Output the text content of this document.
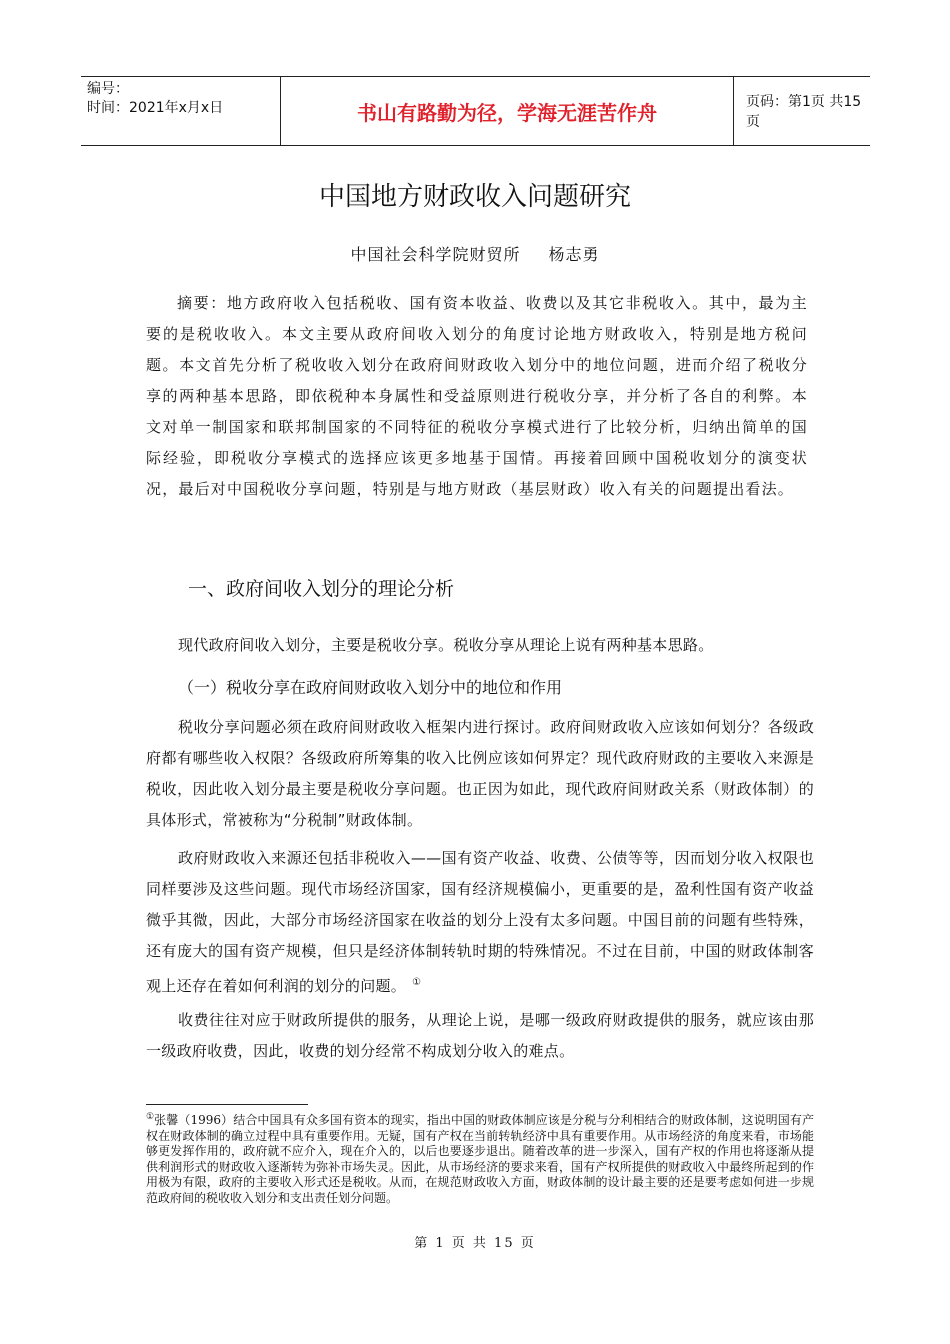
编号：
时间：2021年x月x日	书山有路勤为径，学海无涯苦作舟	页码：第1页 共15页
中国地方财政收入问题研究
中国社会科学院财贸所 杨志勇
摘要：地方政府收入包括税收、国有资本收益、收费以及其它非税收入。其中，最为主要的是税收收入。本文主要从政府间收入划分的角度讨论地方财政收入，特别是地方税问题。本文首先分析了税收收入划分在政府间财政收入划分中的地位问题，进而介绍了税收分享的两种基本思路，即依税种本身属性和受益原则进行税收分享，并分析了各自的利弊。本文对单一制国家和联邦制国家的不同特征的税收分享模式进行了比较分析，归纳出简单的国际经验，即税收分享模式的选择应该更多地基于国情。再接着回顾中国税收划分的演变状况，最后对中国税收分享问题，特别是与地方财政（基层财政）收入有关的问题提出看法。
一、政府间收入划分的理论分析
现代政府间收入划分，主要是税收分享。税收分享从理论上说有两种基本思路。
（一）税收分享在政府间财政收入划分中的地位和作用
税收分享问题必须在政府间财政收入框架内进行探讨。政府间财政收入应该如何划分？各级政府都有哪些收入权限？各级政府所筹集的收入比例应该如何界定？现代政府财政的主要收入来源是税收，因此收入划分最主要是税收分享问题。也正因为如此，现代政府间财政关系（财政体制）的具体形式，常被称为“分税制”财政体制。
政府财政收入来源还包括非税收入——国有资产收益、收费、公债等等，因而划分收入权限也同样要涉及这些问题。现代市场经济国家，国有经济规模偏小，更重要的是，盈利性国有资产收益微乎其微，因此，大部分市场经济国家在收益的划分上没有太多问题。中国目前的问题有些特殊，还有庞大的国有资产规模，但只是经济体制转轨时期的特殊情况。不过在目前，中国的财政体制客观上还存在着如何利润的划分的问题。 ①
收费往往对应于财政所提供的服务，从理论上说，是哪一级政府财政提供的服务，就应该由那一级政府收费，因此，收费的划分经常不构成划分收入的难点。
①张馨（1996）结合中国具有众多国有资本的现实，指出中国的财政体制应该是分税与分利相结合的财政体制，这说明国有产权在财政体制的确立过程中具有重要作用。无疑，国有产权在当前转轨经济中具有重要作用。从市场经济的角度来看，市场能够更发挥作用的，政府就不应介入，现在介入的，以后也要逐步退出。随着改革的进一步深入，国有产权的作用也将逐渐从提供利润形式的财政收入逐渐转为弥补市场失灵。因此，从市场经济的要求来看，国有产权所提供的财政收入中最终所起到的作用极为有限，政府的主要收入形式还是税收。从而，在规范财政收入方面，财政体制的设计最主要的还是要考虑如何进一步规范政府间的税收收入划分和支出责任划分问题。
第 1 页 共 15 页
